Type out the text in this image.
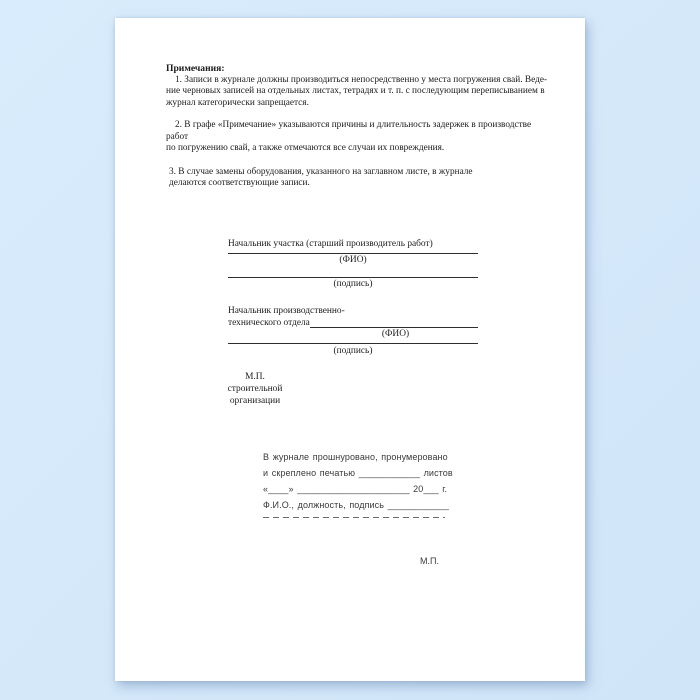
Примечания:

1. Записи в журнале должны производиться непосредственно у места погружения свай. Веде-
ние черновых записей на отдельных листах, тетрадях и т. п. с последующим переписыванием в
журнал категорически запрещается.

2. В графе «Примечание» указываются причины и длительность задержек в производстве работ
по погружению свай, а также отмечаются все случаи их повреждения.

3. В случае замены оборудования, указанного на заглавном листе, в журнале
делаются соответствующие записи.

Начальник участка (старший производитель работ)
(ФИО)
(подпись)
Начальник производственно-
технического отдела
(ФИО)
(подпись)
М.П.
строительной
организации
В журнале прошнуровано, пронумеровано
и скреплено печатью ____________ листов
«____» ______________________ 20___ г.
Ф.И.О., должность, подпись ____________
М.П.
